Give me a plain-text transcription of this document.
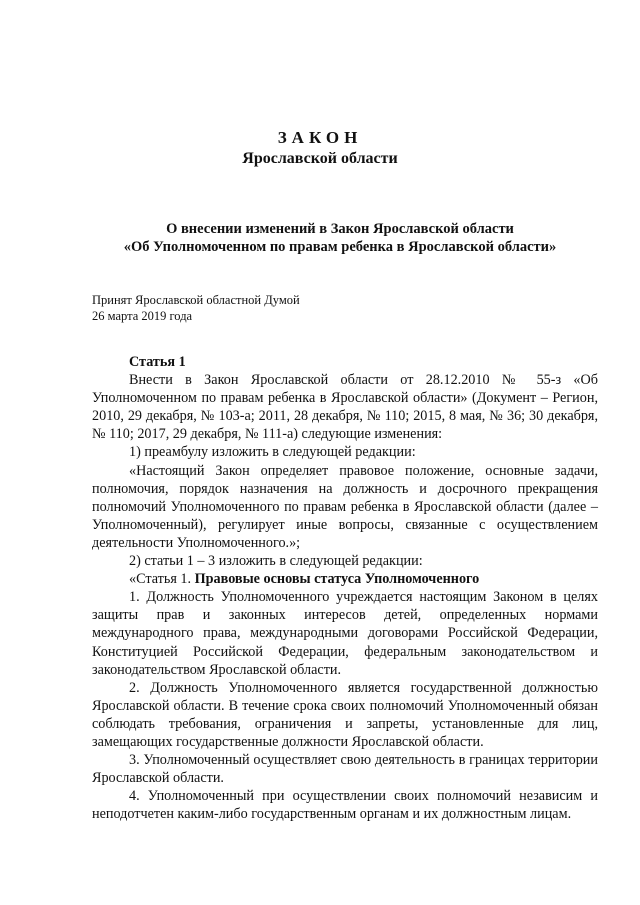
ЗАКОН
Ярославской области
О внесении изменений в Закон Ярославской области
«Об Уполномоченном по правам ребенка в Ярославской области»
Принят Ярославской областной Думой
26 марта 2019 года

Статья 1

Внести в Закон Ярославской области от 28.12.2010 № 55-з «Об Уполномоченном по правам ребенка в Ярославской области» (Документ – Регион, 2010, 29 декабря, № 103-а; 2011, 28 декабря, № 110; 2015, 8 мая, № 36; 30 декабря, № 110; 2017, 29 декабря, № 111-а) следующие изменения:

1) преамбулу изложить в следующей редакции:

«Настоящий Закон определяет правовое положение, основные задачи, полномочия, порядок назначения на должность и досрочного прекращения полномочий Уполномоченного по правам ребенка в Ярославской области (далее – Уполномоченный), регулирует иные вопросы, связанные с осуществлением деятельности Уполномоченного.»;

2) статьи 1 – 3 изложить в следующей редакции:

«Статья 1. Правовые основы статуса Уполномоченного

1. Должность Уполномоченного учреждается настоящим Законом в целях защиты прав и законных интересов детей, определенных нормами международного права, международными договорами Российской Федерации, Конституцией Российской Федерации, федеральным законодательством и законодательством Ярославской области.

2. Должность Уполномоченного является государственной должностью Ярославской области. В течение срока своих полномочий Уполномоченный обязан соблюдать требования, ограничения и запреты, установленные для лиц, замещающих государственные должности Ярославской области.

3. Уполномоченный осуществляет свою деятельность в границах территории Ярославской области.

4. Уполномоченный при осуществлении своих полномочий независим и неподотчетен каким-либо государственным органам и их должностным лицам.
